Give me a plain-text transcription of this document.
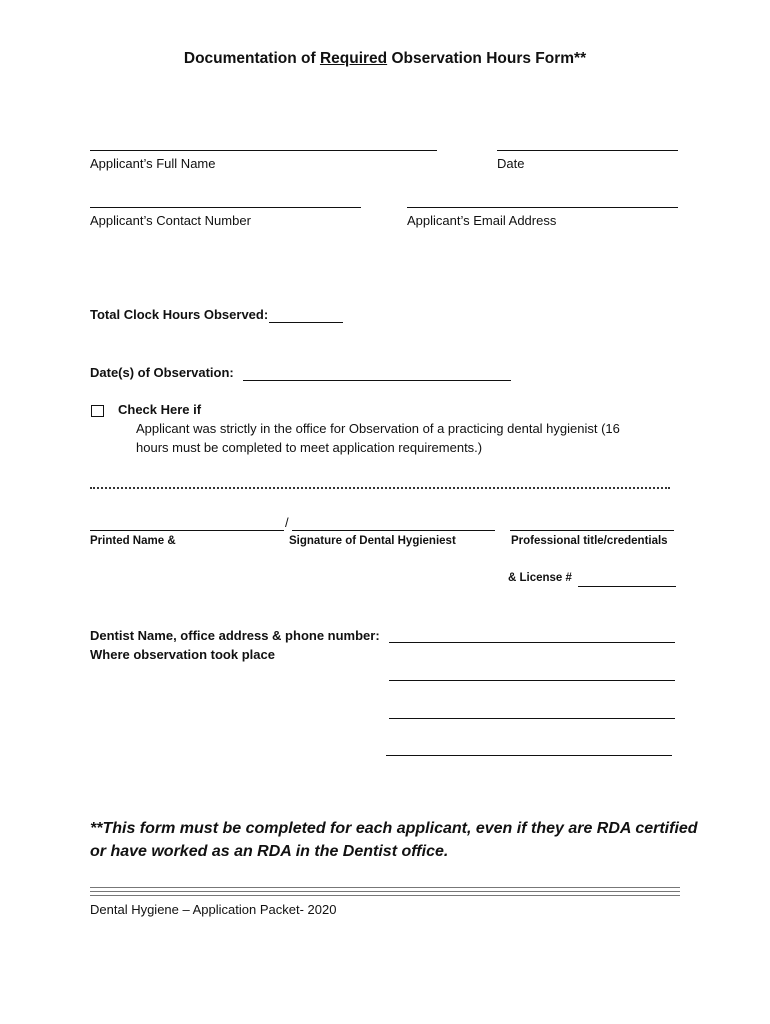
Documentation of Required Observation Hours Form**
Applicant’s Full Name	Date
Applicant’s Contact Number	Applicant’s Email Address
Total Clock Hours Observed:
Date(s) of Observation:
Check Here if
Applicant was strictly in the office for Observation of a practicing dental hygienist (16
hours must be completed to meet application requirements.)
/
Printed Name &	Signature of Dental Hygieniest	Professional title/credentials
& License #
Dentist Name, office address & phone number:
Where observation took place
**This form must be completed for each applicant, even if they are RDA certified or have worked as an RDA in the Dentist office.
Dental Hygiene – Application Packet- 2020
